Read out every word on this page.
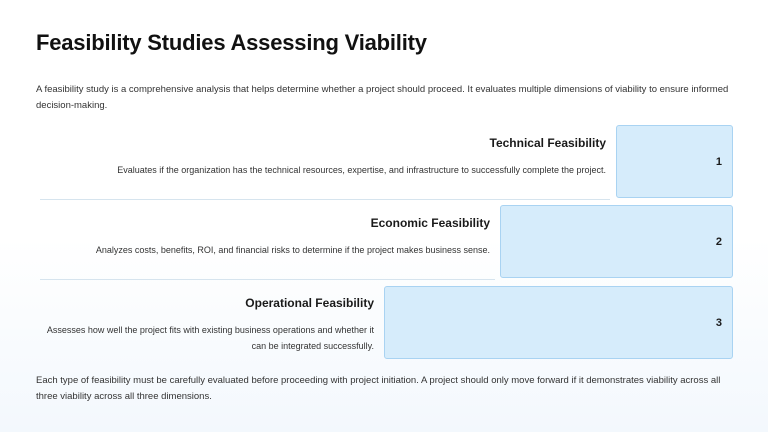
Feasibility Studies Assessing Viability

A feasibility study is a comprehensive analysis that helps determine whether a project should proceed. It evaluates multiple dimensions of viability to ensure informed decision-making.

Technical Feasibility

Evaluates if the organization has the technical resources, expertise, and infrastructure to successfully complete the project.

1

Economic Feasibility

Analyzes costs, benefits, ROI, and financial risks to determine if the project makes business sense.

2

Operational Feasibility

Assesses how well the project fits with existing business operations and whether it can be integrated successfully.

3

Each type of feasibility must be carefully evaluated before proceeding with project initiation. A project should only move forward if it demonstrates viability across all three viability across all three dimensions.
